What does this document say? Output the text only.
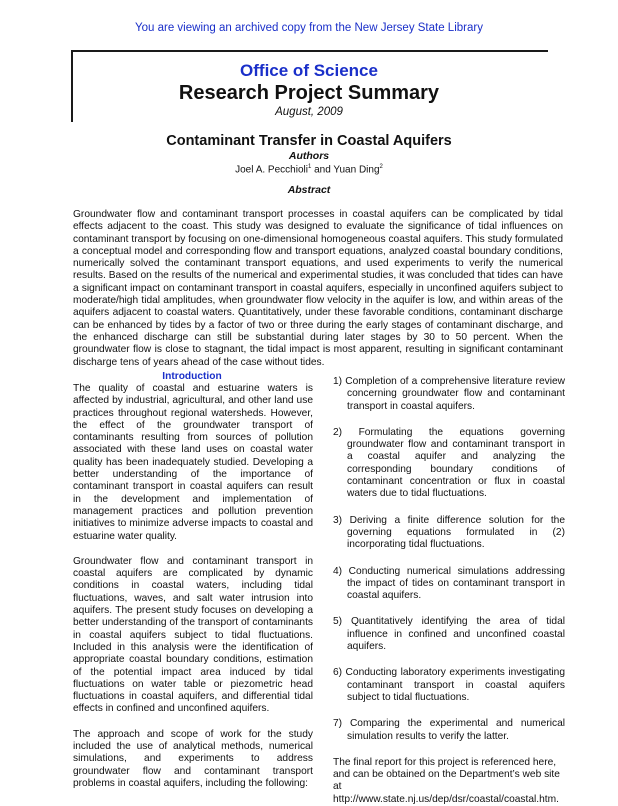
You are viewing an archived copy from the New Jersey State Library
Office of Science
Research Project Summary
August, 2009
Contaminant Transfer in Coastal Aquifers
Authors
Joel A. Pecchioli$^1$ and Yuan Ding$^2$
Abstract

Groundwater flow and contaminant transport processes in coastal aquifers can be complicated by tidal effects adjacent to the coast. This study was designed to evaluate the significance of tidal influences on contaminant transport by focusing on one-dimensional homogeneous coastal aquifers. This study formulated a conceptual model and corresponding flow and transport equations, analyzed coastal boundary conditions, numerically solved the contaminant transport equations, and used experiments to verify the numerical results. Based on the results of the numerical and experimental studies, it was concluded that tides can have a significant impact on contaminant transport in coastal aquifers, especially in unconfined aquifers subject to moderate/high tidal amplitudes, when groundwater flow velocity in the aquifer is low, and within areas of the aquifers adjacent to coastal waters. Quantitatively, under these favorable conditions, contaminant discharge can be enhanced by tides by a factor of two or three during the early stages of contaminant discharge, and the enhanced discharge can still be substantial during later stages by 30 to 50 percent. When the groundwater flow is close to stagnant, the tidal impact is most apparent, resulting in significant contaminant discharge tens of years ahead of the case without tides.

Introduction

The quality of coastal and estuarine waters is affected by industrial, agricultural, and other land use practices throughout regional watersheds. However, the effect of the groundwater transport of contaminants resulting from sources of pollution associated with these land uses on coastal water quality has been inadequately studied. Developing a better understanding of the importance of contaminant transport in coastal aquifers can result in the development and implementation of management practices and pollution prevention initiatives to minimize adverse impacts to coastal and estuarine water quality.

Groundwater flow and contaminant transport in coastal aquifers are complicated by dynamic conditions in coastal waters, including tidal fluctuations, waves, and salt water intrusion into aquifers. The present study focuses on developing a better understanding of the transport of contaminants in coastal aquifers subject to tidal fluctuations. Included in this analysis were the identification of appropriate coastal boundary conditions, estimation of the potential impact area induced by tidal fluctuations on water table or piezometric head fluctuations in coastal aquifers, and differential tidal effects in confined and unconfined aquifers.

The approach and scope of work for the study included the use of analytical methods, numerical simulations, and experiments to address groundwater flow and contaminant transport problems in coastal aquifers, including the following:

1) Completion of a comprehensive literature review concerning groundwater flow and contaminant transport in coastal aquifers.
2) Formulating the equations governing groundwater flow and contaminant transport in a coastal aquifer and analyzing the corresponding boundary conditions of contaminant concentration or flux in coastal waters due to tidal fluctuations.
3) Deriving a finite difference solution for the governing equations formulated in (2) incorporating tidal fluctuations.
4) Conducting numerical simulations addressing the impact of tides on contaminant transport in coastal aquifers.
5) Quantitatively identifying the area of tidal influence in confined and unconfined coastal aquifers.
6) Conducting laboratory experiments investigating contaminant transport in coastal aquifers subject to tidal fluctuations.
7) Comparing the experimental and numerical simulation results to verify the latter.

The final report for this project is referenced here, and can be obtained on the Department’s web site at http://www.state.nj.us/dep/dsr/coastal/coastal.htm.
